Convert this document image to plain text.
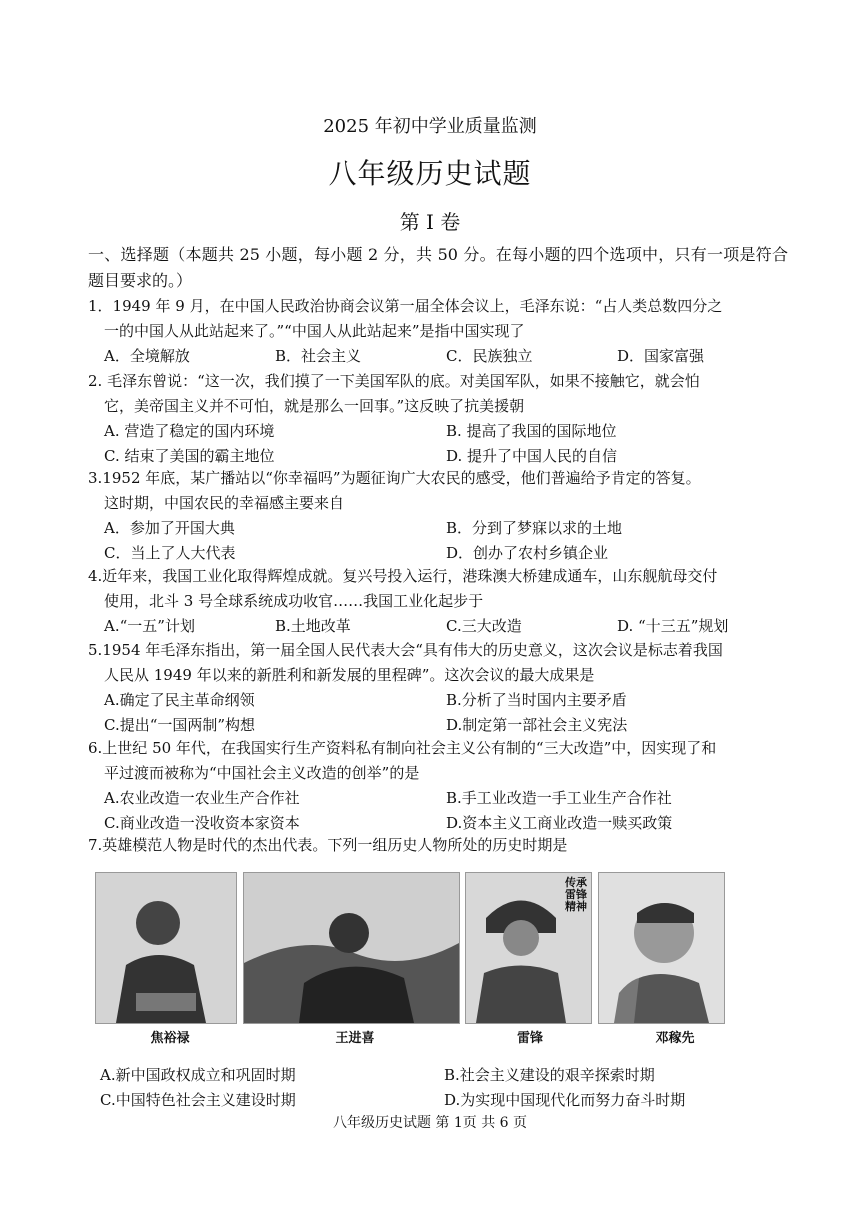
2025 年初中学业质量监测
八年级历史试题
第 I 卷
一、选择题（本题共 25 小题，每小题 2 分，共 50 分。在每小题的四个选项中，只有一项是符合题目要求的。）
1．1949 年 9 月，在中国人民政治协商会议第一届全体会议上，毛泽东说：“占人类总数四分之
一的中国人从此站起来了。”“中国人从此站起来”是指中国实现了
A．全境解放	B．社会主义	C．民族独立	D．国家富强
2. 毛泽东曾说：“这一次，我们摸了一下美国军队的底。对美国军队，如果不接触它，就会怕
它，美帝国主义并不可怕，就是那么一回事。”这反映了抗美援朝
A. 营造了稳定的国内环境	B. 提高了我国的国际地位
C. 结束了美国的霸主地位	D. 提升了中国人民的自信
3.1952 年底，某广播站以“你幸福吗”为题征询广大农民的感受，他们普遍给予肯定的答复。
这时期，中国农民的幸福感主要来自
A．参加了开国大典	B．分到了梦寐以求的土地
C．当上了人大代表	D．创办了农村乡镇企业
4.近年来，我国工业化取得辉煌成就。复兴号投入运行，港珠澳大桥建成通车，山东舰航母交付
使用，北斗 3 号全球系统成功收官……我国工业化起步于
A.“一五”计划	B.土地改革	C.三大改造	D. “十三五”规划
5.1954 年毛泽东指出，第一届全国人民代表大会“具有伟大的历史意义，这次会议是标志着我国
人民从 1949 年以来的新胜利和新发展的里程碑”。这次会议的最大成果是
A.确定了民主革命纲领	B.分析了当时国内主要矛盾
C.提出“一国两制”构想	D.制定第一部社会主义宪法
6.上世纪 50 年代，在我国实行生产资料私有制向社会主义公有制的“三大改造”中，因实现了和
平过渡而被称为“中国社会主义改造的创举”的是
A.农业改造一农业生产合作社	B.手工业改造一手工业生产合作社
C.商业改造一没收资本家资本	D.资本主义工商业改造一赎买政策
7.英雄模范人物是时代的杰出代表。下列一组历史人物所处的历史时期是
焦裕禄	王进喜
传承 雷锋精神
雷锋	邓稼先
A.新中国政权成立和巩固时期	B.社会主义建设的艰辛探索时期
C.中国特色社会主义建设时期	D.为实现中国现代化而努力奋斗时期
八年级历史试题 第 1页 共 6 页
